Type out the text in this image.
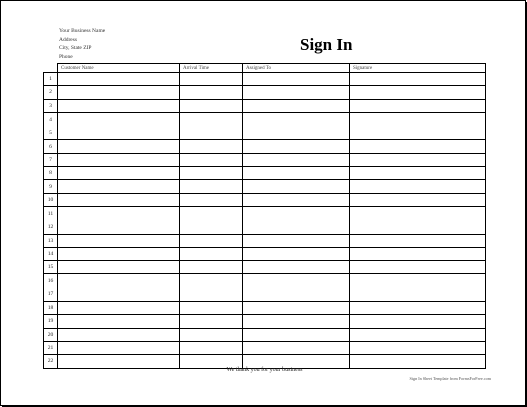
Your Business Name
Address
City, State ZIP
Phone
Sign In
	Customer Name	Arrival Time	Assigned To	Signature
1				
2				
3				

4
5				

6				
7				
8				
9				
10				

11
12				

13				
14				
15				

16
17				

18				
19				
20				
21				
22				
We thank you for your business
Sign In Sheet Template from FormsForFree.com
